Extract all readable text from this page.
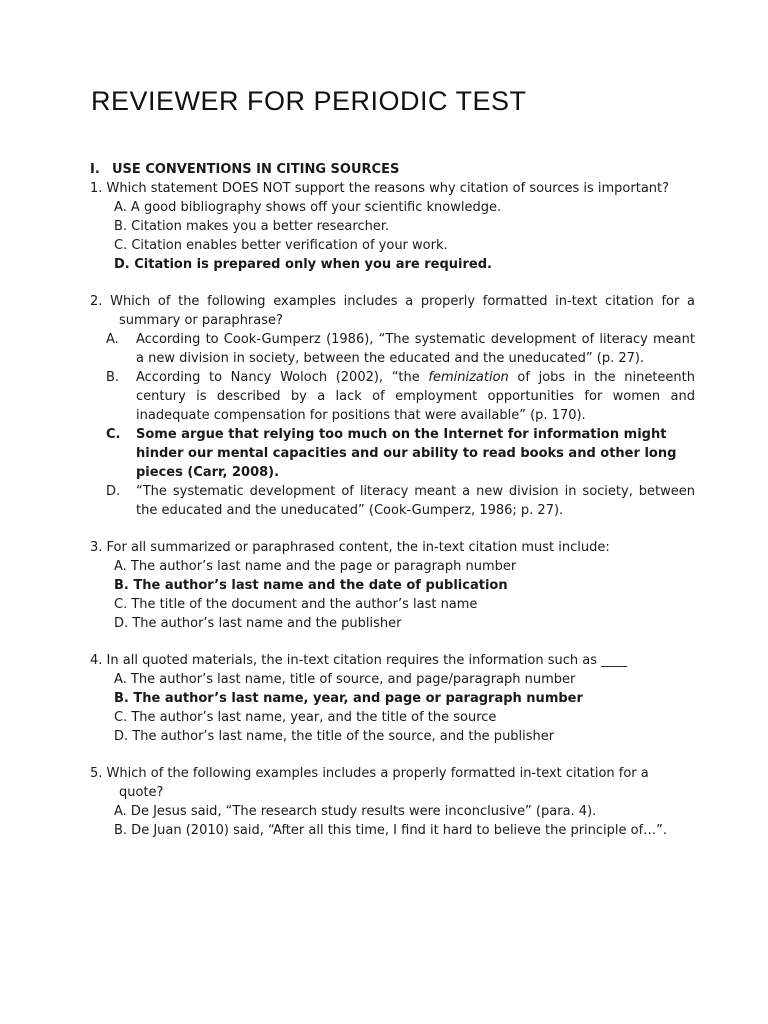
REVIEWER FOR PERIODIC TEST
I. USE CONVENTIONS IN CITING SOURCES

1. Which statement DOES NOT support the reasons why citation of sources is important?

A. A good bibliography shows off your scientific knowledge.
B. Citation makes you a better researcher.
C. Citation enables better verification of your work.
D. Citation is prepared only when you are required.

2. Which of the following examples includes a properly formatted in-text citation for a summary or paraphrase?

A.	According to Cook-Gumperz (1986), “The systematic development of literacy meant a new division in society, between the educated and the uneducated” (p. 27).
B.	According to Nancy Woloch (2002), “the feminization of jobs in the nineteenth century is described by a lack of employment opportunities for women and inadequate compensation for positions that were available” (p. 170).
C.	Some argue that relying too much on the Internet for information might hinder our mental capacities and our ability to read books and other long pieces (Carr, 2008).
D.	“The systematic development of literacy meant a new division in society, between the educated and the uneducated” (Cook-Gumperz, 1986; p. 27).

3. For all summarized or paraphrased content, the in-text citation must include:

A. The author’s last name and the page or paragraph number
B. The author’s last name and the date of publication
C. The title of the document and the author’s last name
D. The author’s last name and the publisher

4. In all quoted materials, the in-text citation requires the information such as ____

A. The author’s last name, title of source, and page/paragraph number
B. The author’s last name, year, and page or paragraph number
C. The author’s last name, year, and the title of the source
D. The author’s last name, the title of the source, and the publisher

5. Which of the following examples includes a properly formatted in-text citation for a quote?

A. De Jesus said, “The research study results were inconclusive” (para. 4).
B. De Juan (2010) said, “After all this time, I find it hard to believe the principle of…”.
